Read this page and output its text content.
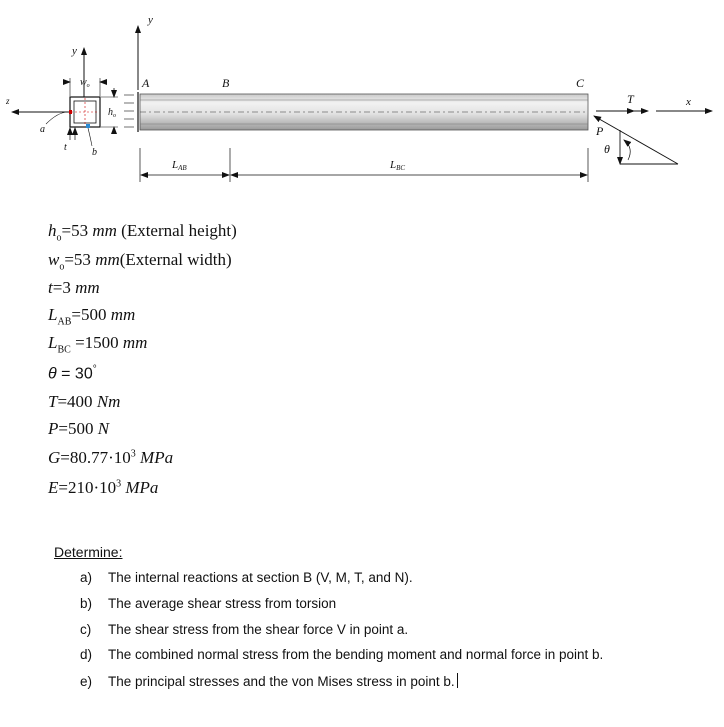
y
z
$w_o$
$h_o$
t
a
b
y
x
A	B	C
T
P
θ
LAB	LBC
$h_o=53$ mm (External height)
$w_o=53$ mm(External width)
t=3 mm
$L_{AB}=500$ mm
$L_{BC} =1500$ mm
θ = 30°
T=400 Nm
P=500 N
$G=80.77\cdot 10^3$ MPa
$E=210\cdot 10^3$ MPa
Determine:
a) The internal reactions at section B (V, M, T, and N).
b) The average shear stress from torsion
c) The shear stress from the shear force V in point a.
d) The combined normal stress from the bending moment and normal force in point b.
e) The principal stresses and the von Mises stress in point b.
